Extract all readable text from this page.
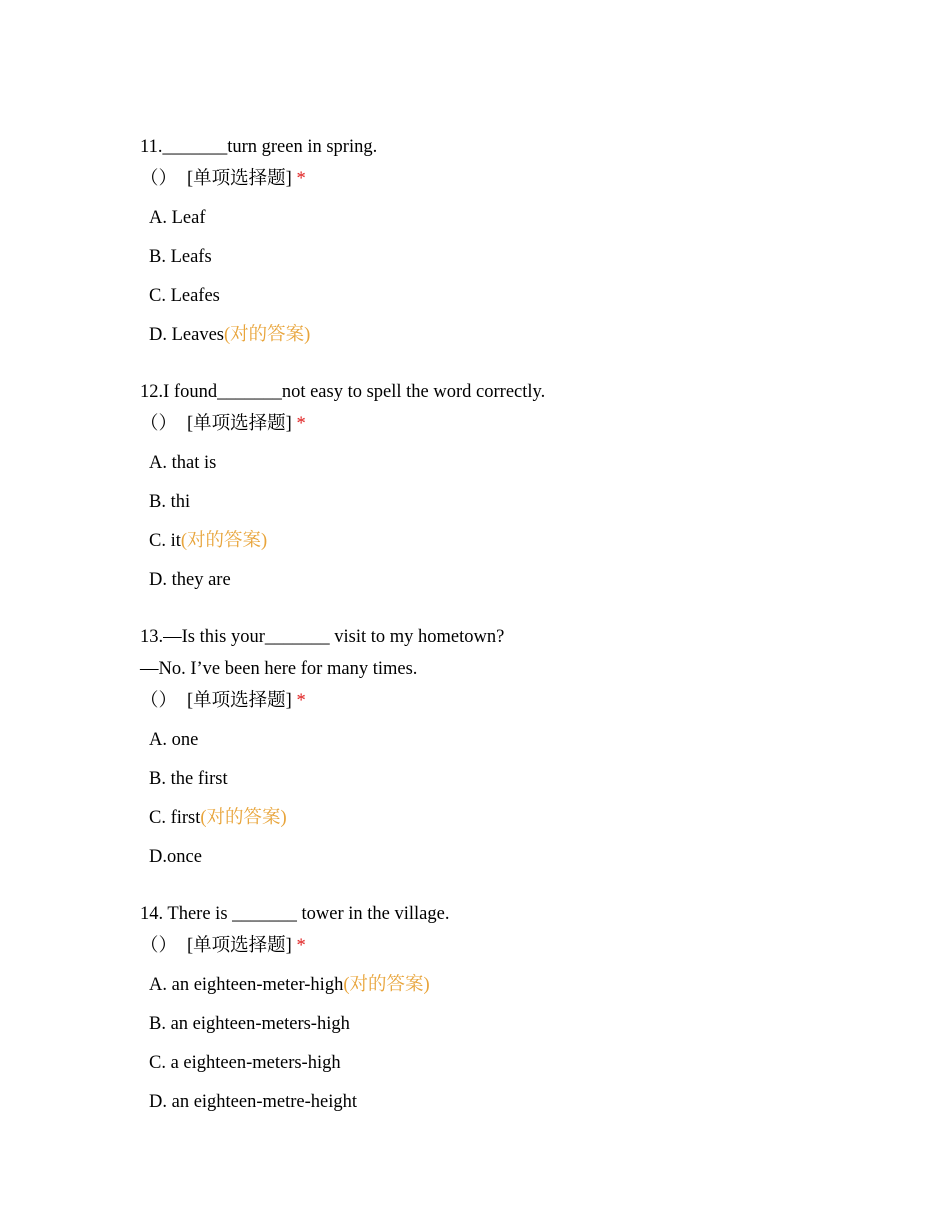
11._______turn green in spring.
（） [单项选择题] *
A. Leaf
B. Leafs
C. Leafes
D. Leaves(对的答案)
12.I found_______not easy to spell the word correctly.
（） [单项选择题] *
A. that is
B. thi
C. it(对的答案)
D. they are
13.—Is this your_______ visit to my hometown?
—No. I’ve been here for many times.
（） [单项选择题] *
A. one
B. the first
C. first(对的答案)
D.once
14. There is _______ tower in the village.
（） [单项选择题] *
A. an eighteen-meter-high(对的答案)
B. an eighteen-meters-high
C. a eighteen-meters-high
D. an eighteen-metre-height
